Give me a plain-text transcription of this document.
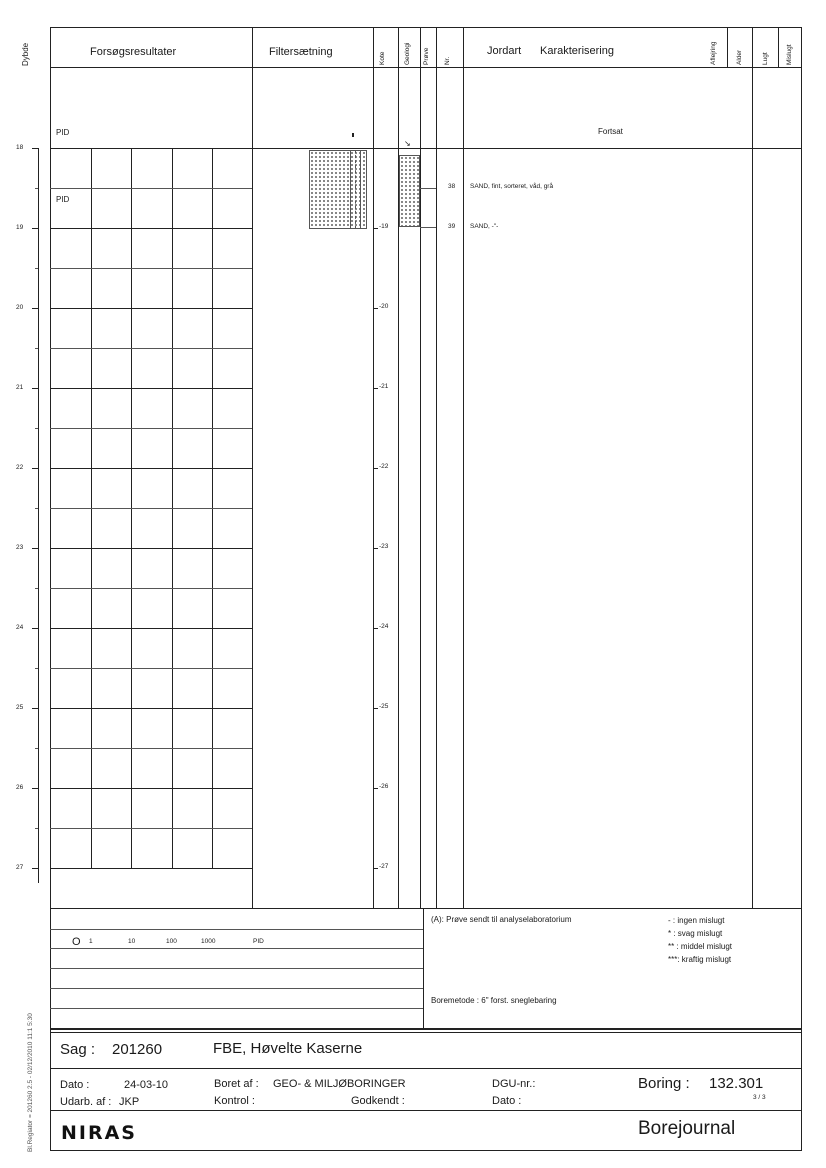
Dybde
18
19
20
21
22
23
24
25
26
27
Forsøgsresultater	Filtersætning	Kote	Geologi Prøve Nr.
Jordart Karakterisering	Aflejring	Alder	Lugt	Mislugt
PID
PID
Fortsat
↘
38 SAND, fint, sorteret, våd, grå
39 SAND, -"-
-19
-20
-21
-22
-23
-24
-25
-26
-27
O 1	10	100	1000	PID
(A): Prøve sendt til analyselaboratorium
Boremetode : 6" forst. sneglebaring
- : ingen mislugt
* : svag mislugt
** : middel mislugt
***: kraftig mislugt
Sag : 201260	FBE, Høvelte Kaserne
Dato :	24-03-10
Udarb. af : JKP
Boret af : GEO- & MILJØBORINGER
Kontrol :	Godkendt :
DGU-nr.:
Dato :
Boring : 132.301
3 / 3
NIRAS	Borejournal
Bl.Regiator = 201260 2.5 - 02/12/2010 11:1 5:30
